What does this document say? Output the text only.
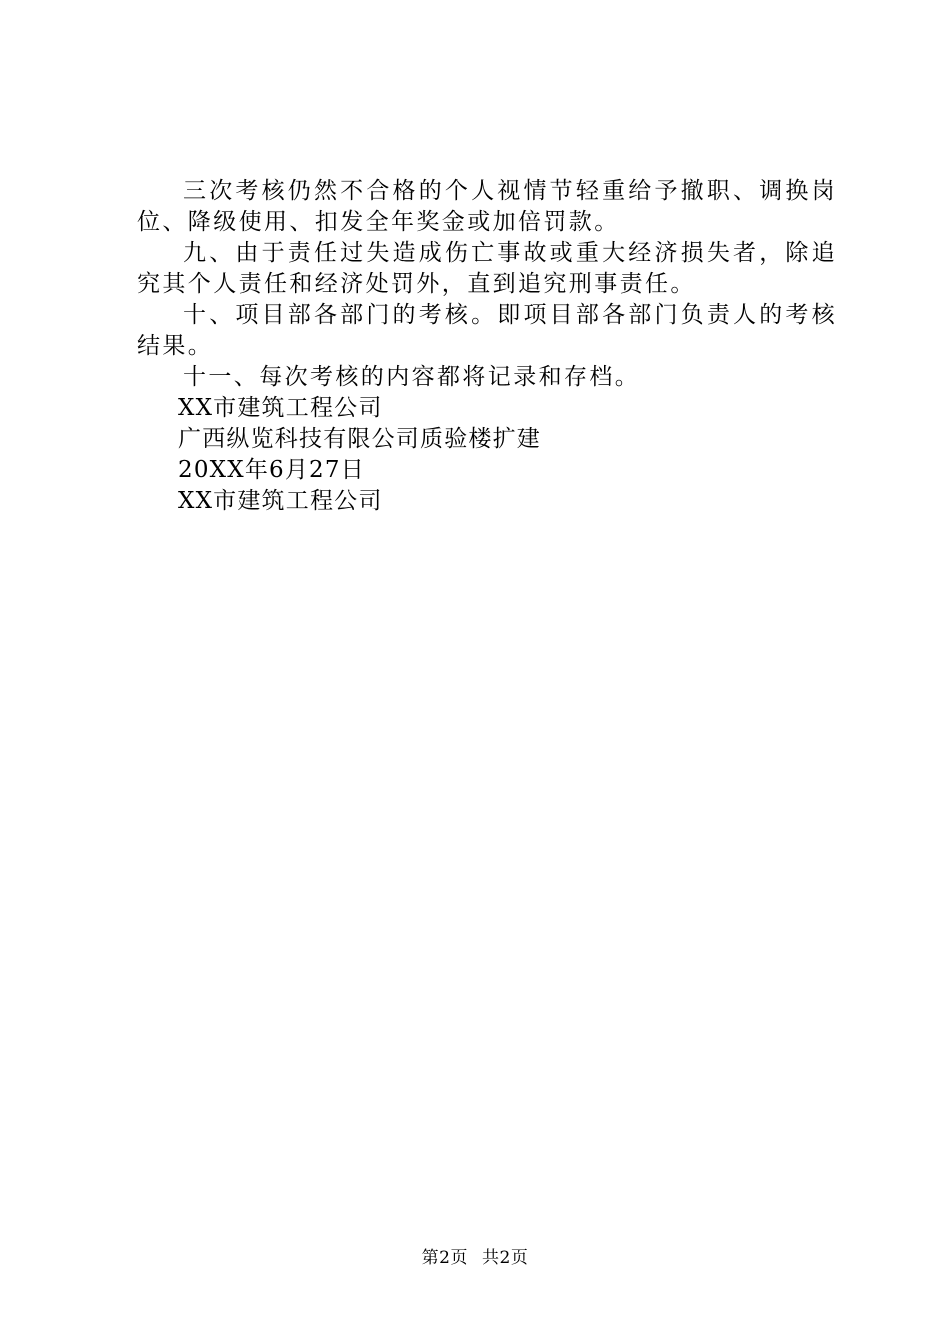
三次考核仍然不合格的个人视情节轻重给予撤职、调换岗位、降级使用、扣发全年奖金或加倍罚款。

九、由于责任过失造成伤亡事故或重大经济损失者，除追究其个人责任和经济处罚外，直到追究刑事责任。

十、项目部各部门的考核。即项目部各部门负责人的考核结果。

十一、每次考核的内容都将记录和存档。

XX市建筑工程公司

广西纵览科技有限公司质验楼扩建

20XX年6月27日

XX市建筑工程公司

第2页 共2页
